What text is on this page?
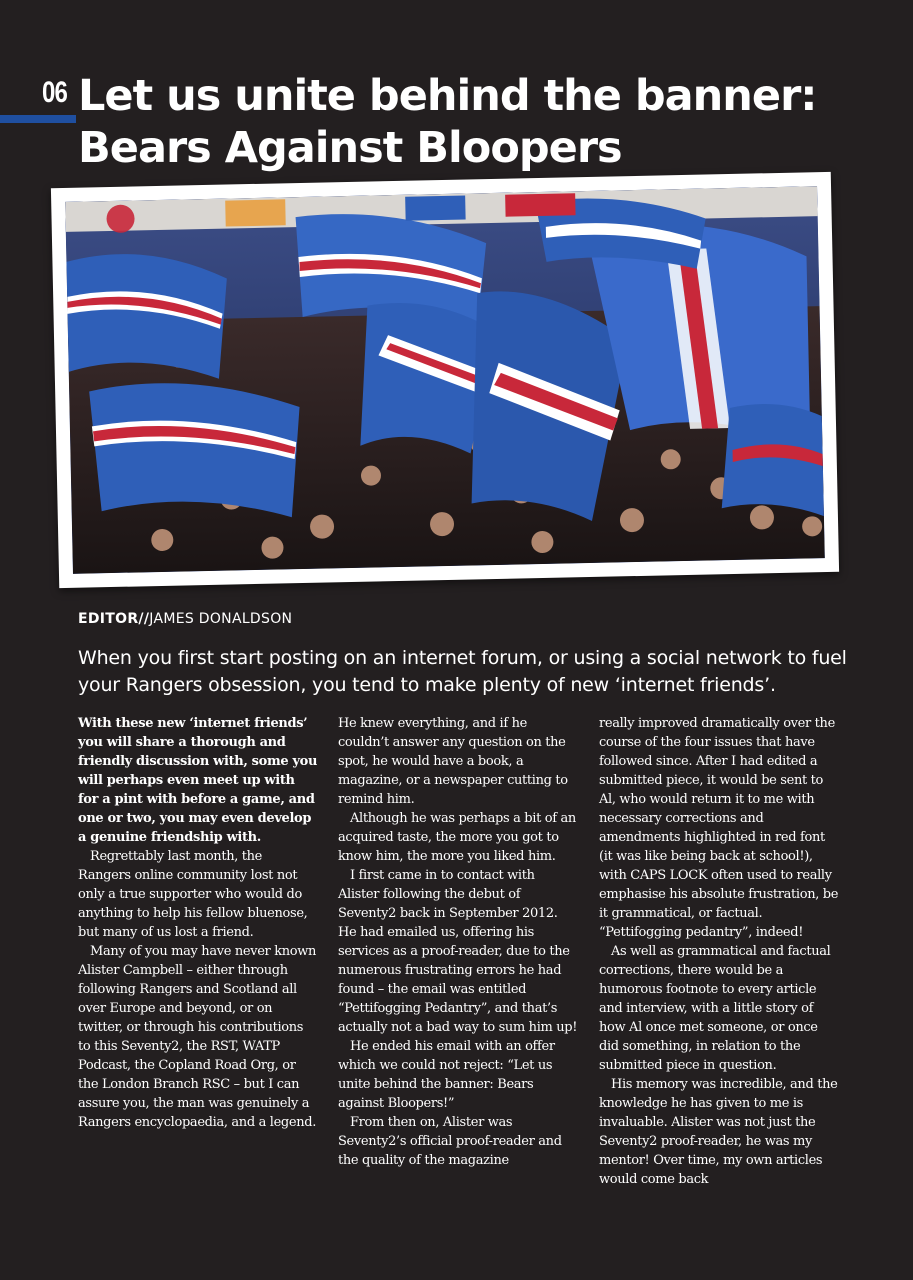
06 Let us unite behind the banner:
Bears Against Bloopers
EDITOR//JAMES DONALDSON

When you first start posting on an internet forum, or using a social network to fuel your Rangers obsession, you tend to make plenty of new ‘internet friends’.

With these new ‘internet friends’ you will share a thorough and friendly discussion with, some you will perhaps even meet up with for a pint with before a game, and one or two, you may even develop a genuine friendship with.

Regrettably last month, the Rangers online community lost not only a true supporter who would do anything to help his fellow bluenose, but many of us lost a friend.

Many of you may have never known Alister Campbell – either through following Rangers and Scotland all over Europe and beyond, or on twitter, or through his contributions to this Seventy2, the RST, WATP Podcast, the Copland Road Org, or the London Branch RSC – but I can assure you, the man was genuinely a Rangers encyclopaedia, and a legend.

He knew everything, and if he couldn’t answer any question on the spot, he would have a book, a magazine, or a newspaper cutting to remind him.

Although he was perhaps a bit of an acquired taste, the more you got to know him, the more you liked him.

I first came in to contact with Alister following the debut of Seventy2 back in September 2012. He had emailed us, offering his services as a proof-reader, due to the numerous frustrating errors he had found – the email was entitled “Pettifogging Pedantry”, and that’s actually not a bad way to sum him up!

He ended his email with an offer which we could not reject: “Let us unite behind the banner: Bears against Bloopers!”

From then on, Alister was Seventy2’s official proof-reader and the quality of the magazine

really improved dramatically over the course of the four issues that have followed since. After I had edited a submitted piece, it would be sent to Al, who would return it to me with necessary corrections and amendments highlighted in red font (it was like being back at school!), with CAPS LOCK often used to really emphasise his absolute frustration, be it grammatical, or factual. “Pettifogging pedantry”, indeed!

As well as grammatical and factual corrections, there would be a humorous footnote to every article and interview, with a little story of how Al once met someone, or once did something, in relation to the submitted piece in question.

His memory was incredible, and the knowledge he has given to me is invaluable. Alister was not just the Seventy2 proof-reader, he was my mentor! Over time, my own articles would come back
